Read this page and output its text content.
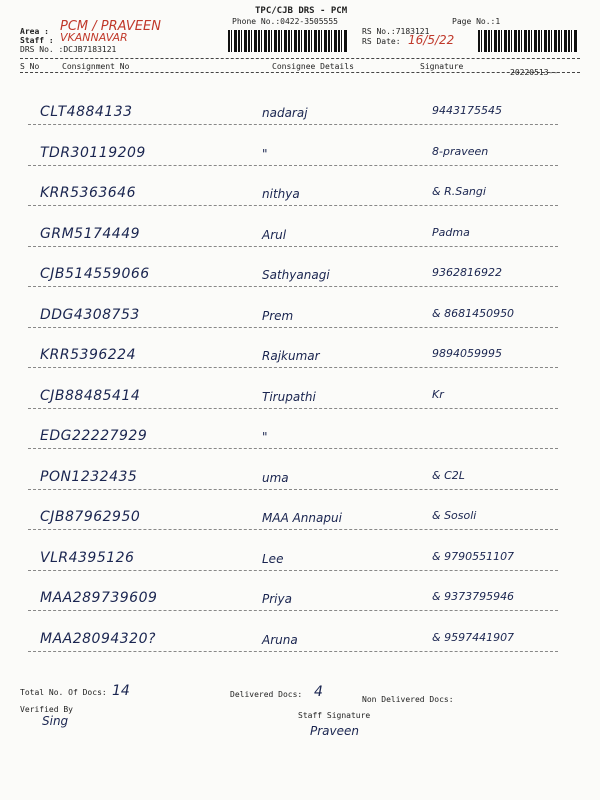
TPC/CJB DRS - PCM
Phone No.:0422-3505555	Page No.:1
Area : PCM / PRAVEEN
Staff : VKANNAVAR
DRS No. :DCJB7183121
RS No.:7183121
RS Date: 16/5/22
S No	Consignment No	Consignee Details	Signature
20220513--
CLT4884133	nadaraj	9443175545
TDR30119209	"	8-praveen
KRR5363646	nithya	& R.Sangi
GRM5174449	Arul	Padma
CJB514559066	Sathyanagi	9362816922
DDG4308753	Prem	& 8681450950
KRR5396224	Rajkumar	9894059995
CJB88485414	Tirupathi	Kr
EDG22227929	"
PON1232435	uma	& C2L
CJB87962950	MAA Annapui	& Sosoli
VLR4395126	Lee	& 9790551107
MAA289739609	Priya	& 9373795946
MAA28094320?	Aruna	& 9597441907
Total No. Of Docs: 14	Delivered Docs: 4	Non Delivered Docs:
Verified By
Sing	Staff Signature
Praveen
